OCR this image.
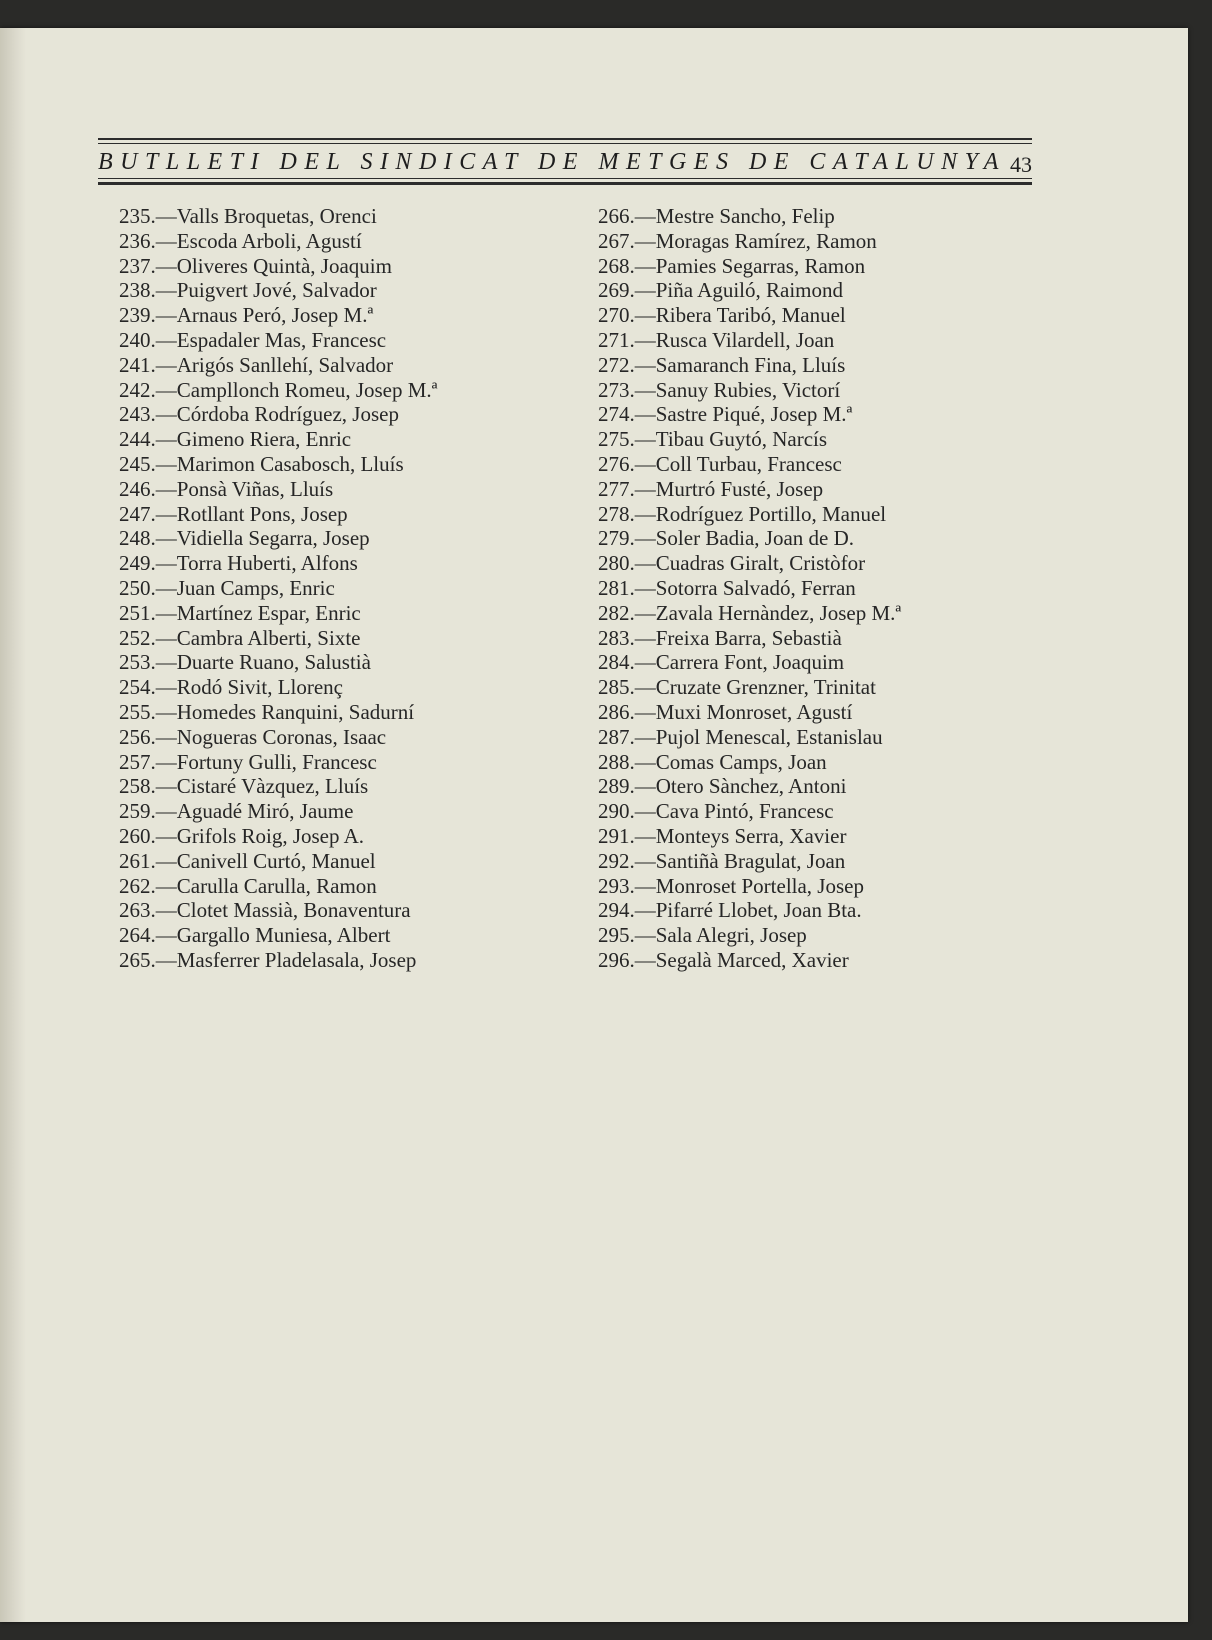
BUTLLETI DEL SINDICAT DE METGES DE CATALUNYA 43
235.—Valls Broquetas, Orenci
236.—Escoda Arboli, Agustí
237.—Oliveres Quintà, Joaquim
238.—Puigvert Jové, Salvador
239.—Arnaus Peró, Josep M.ª
240.—Espadaler Mas, Francesc
241.—Arigós Sanllehí, Salvador
242.—Campllonch Romeu, Josep M.ª
243.—Córdoba Rodríguez, Josep
244.—Gimeno Riera, Enric
245.—Marimon Casabosch, Lluís
246.—Ponsà Viñas, Lluís
247.—Rotllant Pons, Josep
248.—Vidiella Segarra, Josep
249.—Torra Huberti, Alfons
250.—Juan Camps, Enric
251.—Martínez Espar, Enric
252.—Cambra Alberti, Sixte
253.—Duarte Ruano, Salustià
254.—Rodó Sivit, Llorenç
255.—Homedes Ranquini, Sadurní
256.—Nogueras Coronas, Isaac
257.—Fortuny Gulli, Francesc
258.—Cistaré Vàzquez, Lluís
259.—Aguadé Miró, Jaume
260.—Grifols Roig, Josep A.
261.—Canivell Curtó, Manuel
262.—Carulla Carulla, Ramon
263.—Clotet Massià, Bonaventura
264.—Gargallo Muniesa, Albert
265.—Masferrer Pladelasala, Josep
266.—Mestre Sancho, Felip
267.—Moragas Ramírez, Ramon
268.—Pamies Segarras, Ramon
269.—Piña Aguiló, Raimond
270.—Ribera Taribó, Manuel
271.—Rusca Vilardell, Joan
272.—Samaranch Fina, Lluís
273.—Sanuy Rubies, Victorí
274.—Sastre Piqué, Josep M.ª
275.—Tibau Guytó, Narcís
276.—Coll Turbau, Francesc
277.—Murtró Fusté, Josep
278.—Rodríguez Portillo, Manuel
279.—Soler Badia, Joan de D.
280.—Cuadras Giralt, Cristòfor
281.—Sotorra Salvadó, Ferran
282.—Zavala Hernàndez, Josep M.ª
283.—Freixa Barra, Sebastià
284.—Carrera Font, Joaquim
285.—Cruzate Grenzner, Trinitat
286.—Muxi Monroset, Agustí
287.—Pujol Menescal, Estanislau
288.—Comas Camps, Joan
289.—Otero Sànchez, Antoni
290.—Cava Pintó, Francesc
291.—Monteys Serra, Xavier
292.—Santiñà Bragulat, Joan
293.—Monroset Portella, Josep
294.—Pifarré Llobet, Joan Bta.
295.—Sala Alegri, Josep
296.—Segalà Marced, Xavier
